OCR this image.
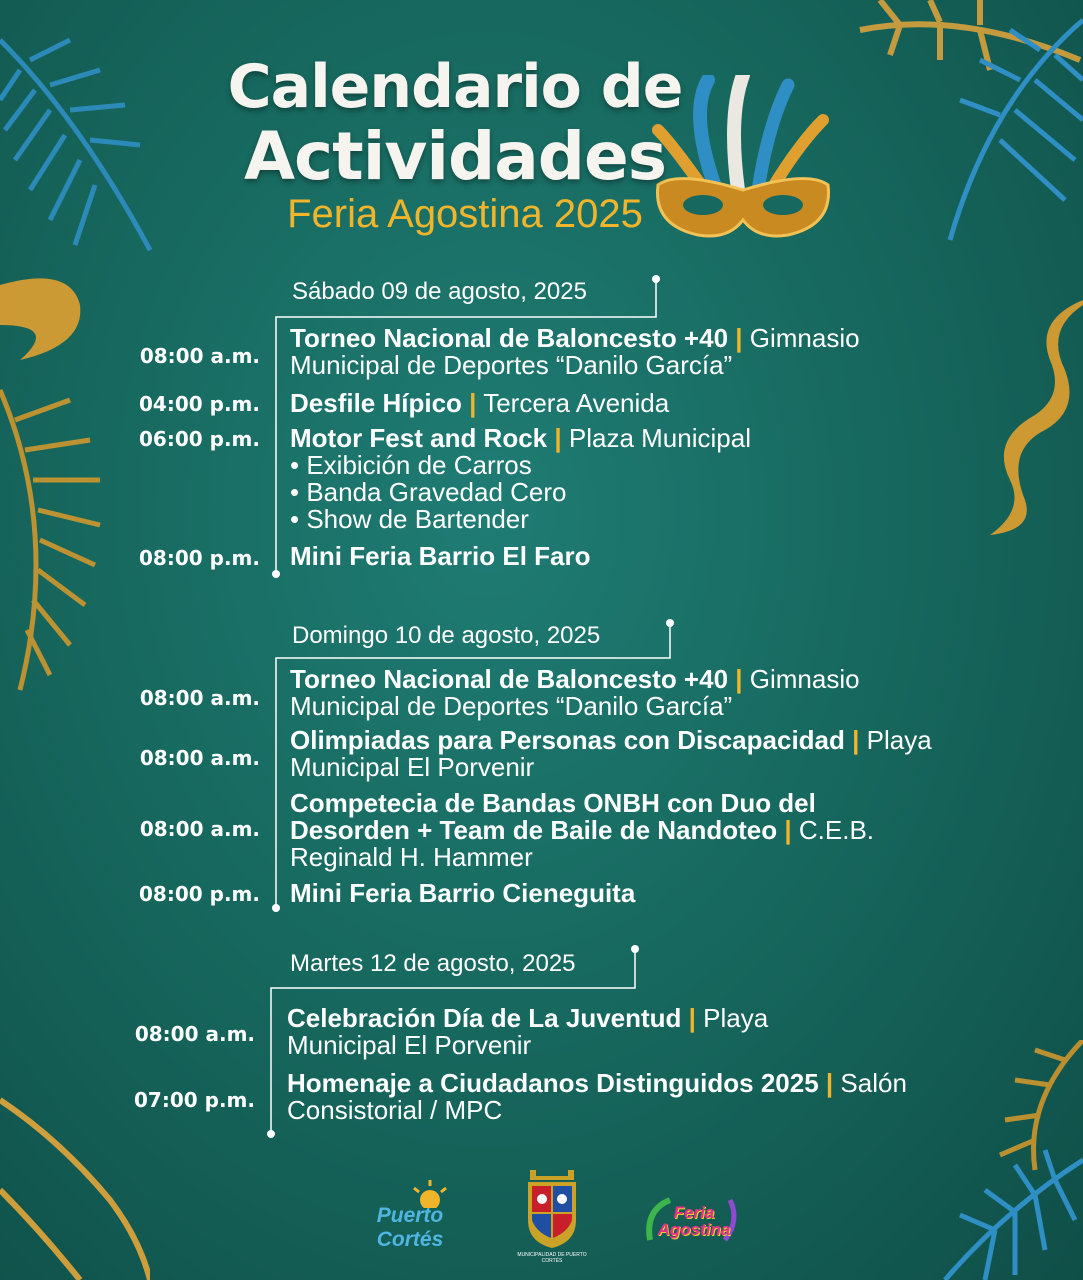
Calendario de
Actividades
Feria Agostina 2025
Sábado 09 de agosto, 2025
08:00 a.m.
Torneo Nacional de Baloncesto +40 | Gimnasio Municipal de Deportes “Danilo García”
04:00 p.m. Desfile Hípico | Tercera Avenida
06:00 p.m. Motor Fest and Rock | Plaza Municipal
• Exibición de Carros
• Banda Gravedad Cero
• Show de Bartender
08:00 p.m. Mini Feria Barrio El Faro
Domingo 10 de agosto, 2025
08:00 a.m.
Torneo Nacional de Baloncesto +40 | Gimnasio Municipal de Deportes “Danilo García”
08:00 a.m.
Olimpiadas para Personas con Discapacidad | Playa Municipal El Porvenir
08:00 a.m.
Competecia de Bandas ONBH con Duo del Desorden + Team de Baile de Nandoteo | C.E.B. Reginald H. Hammer
08:00 p.m. Mini Feria Barrio Cieneguita
Martes 12 de agosto, 2025
08:00 a.m.
Celebración Día de La Juventud | Playa Municipal El Porvenir
07:00 p.m.
Homenaje a Ciudadanos Distinguidos 2025 | Salón Consistorial / MPC
Puerto Cortés
MUNICIPALIDAD DE PUERTO CORTÉS
Feria Agostina
